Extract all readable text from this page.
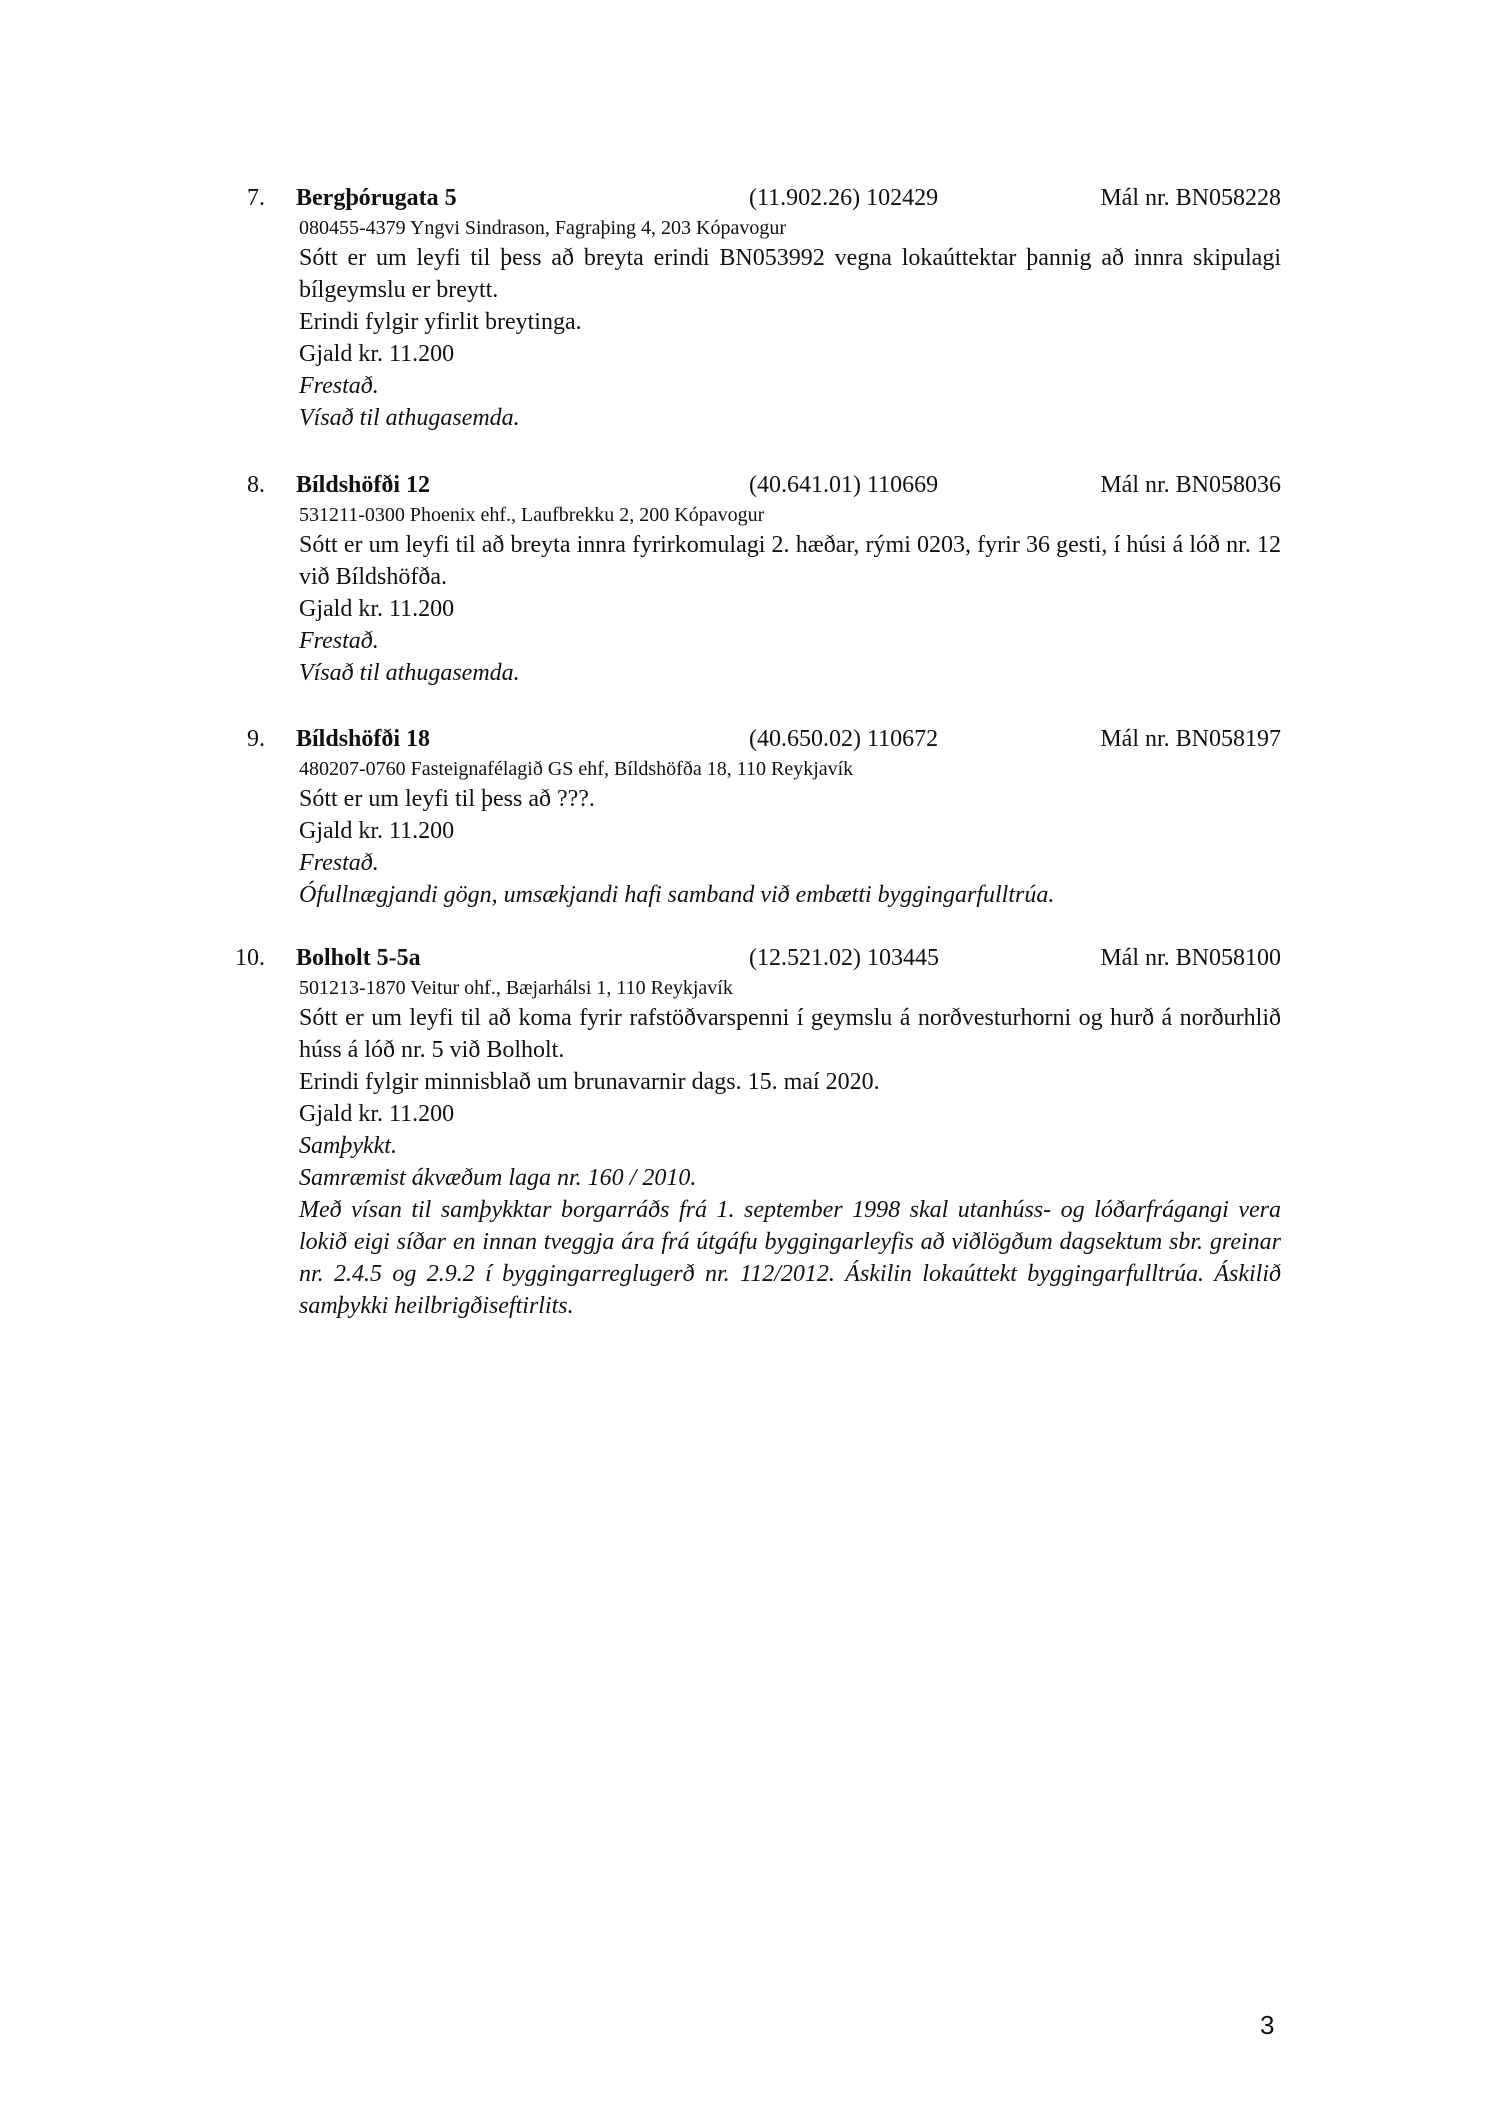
7. Bergþórugata 5	(11.902.26) 102429	Mál nr. BN058228
080455-4379 Yngvi Sindrason, Fagraþing 4, 203 Kópavogur
Sótt er um leyfi til þess að breyta erindi BN053992 vegna lokaúttektar þannig að innra skipulagi bílgeymslu er breytt.
Erindi fylgir yfirlit breytinga.
Gjald kr. 11.200
Frestað.
Vísað til athugasemda.
8. Bíldshöfði 12	(40.641.01) 110669	Mál nr. BN058036
531211-0300 Phoenix ehf., Laufbrekku 2, 200 Kópavogur
Sótt er um leyfi til að breyta innra fyrirkomulagi 2. hæðar, rými 0203, fyrir 36 gesti, í húsi á lóð nr. 12 við Bíldshöfða.
Gjald kr. 11.200
Frestað.
Vísað til athugasemda.
9. Bíldshöfði 18	(40.650.02) 110672	Mál nr. BN058197
480207-0760 Fasteignafélagið GS ehf, Bíldshöfða 18, 110 Reykjavík
Sótt er um leyfi til þess að ???.
Gjald kr. 11.200
Frestað.
Ófullnægjandi gögn, umsækjandi hafi samband við embætti byggingarfulltrúa.
10. Bolholt 5-5a	(12.521.02) 103445	Mál nr. BN058100
501213-1870 Veitur ohf., Bæjarhálsi 1, 110 Reykjavík
Sótt er um leyfi til að koma fyrir rafstöðvarspenni í geymslu á norðvesturhorni og hurð á norðurhlið húss á lóð nr. 5 við Bolholt.
Erindi fylgir minnisblað um brunavarnir dags. 15. maí 2020.
Gjald kr. 11.200
Samþykkt.
Samræmist ákvæðum laga nr. 160 / 2010.
Með vísan til samþykktar borgarráðs frá 1. september 1998 skal utanhúss- og lóðarfrágangi vera lokið eigi síðar en innan tveggja ára frá útgáfu byggingarleyfis að viðlögðum dagsektum sbr. greinar nr. 2.4.5 og 2.9.2 í byggingarreglugerð nr. 112/2012. Áskilin lokaúttekt byggingarfulltrúa. Áskilið samþykki heilbrigðiseftirlits.
3
